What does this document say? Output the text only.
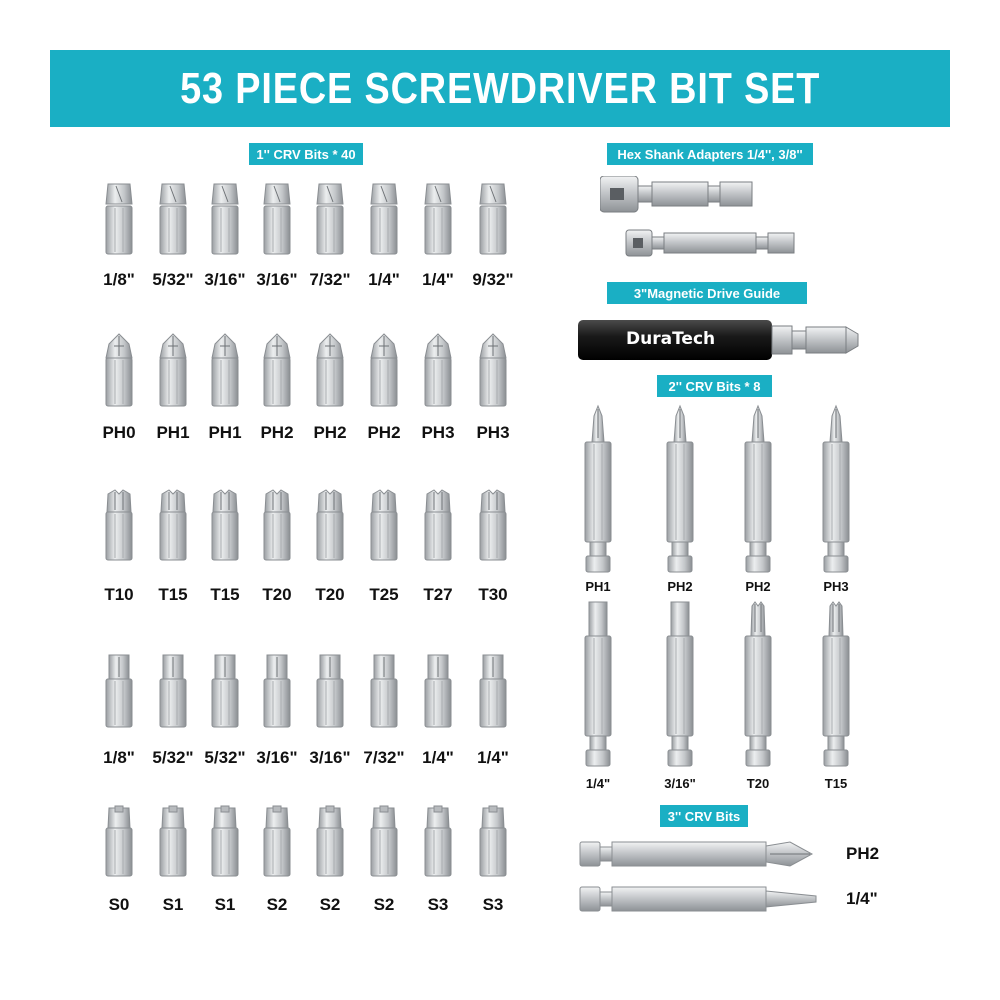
53 PIECE SCREWDRIVER BIT SET
1'' CRV Bits * 40	Hex Shank Adapters 1/4'', 3/8''
3"Magnetic Drive Guide
2'' CRV Bits * 8
3'' CRV Bits
DuraTech
1/8"	5/32" 3/16" 3/16" 7/32"	1/4"	1/4"	9/32"
PH0	PH1	PH1	PH2	PH2	PH2	PH3	PH3
T10	T15	T15	T20	T20	T25	T27	T30
1/8"	5/32" 5/32" 3/16" 3/16" 7/32"	1/4"	1/4"
S0	S1	S1	S2	S2	S2	S3	S3
PH1	PH2	PH2	PH3
1/4"	3/16"	T20	T15
PH2
1/4"
